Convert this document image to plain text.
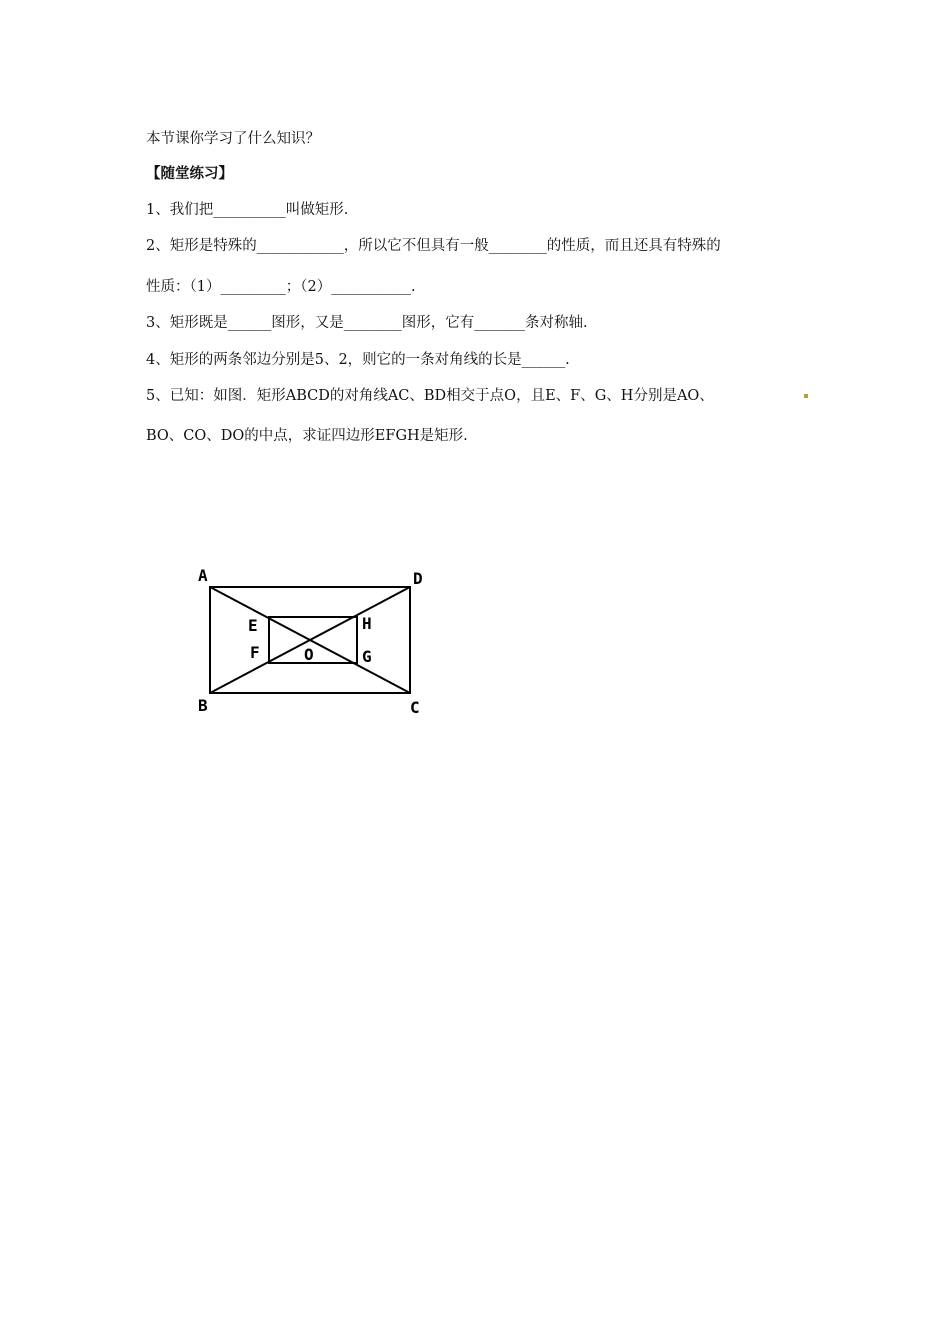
本节课你学习了什么知识？
【随堂练习】
1、我们把__________叫做矩形.
2、矩形是特殊的____________，所以它不但具有一般________的性质，而且还具有特殊的
性质：（1）_________；（2）___________.
3、矩形既是______图形，又是________图形，它有_______条对称轴.
4、矩形的两条邻边分别是5、2，则它的一条对角线的长是______.
5、已知：如图．矩形ABCD的对角线AC、BD相交于点O，且E、F、G、H分别是AO、
BO、CO、DO的中点，求证四边形EFGH是矩形.
A	D
B	C
E
F
H
G
O
